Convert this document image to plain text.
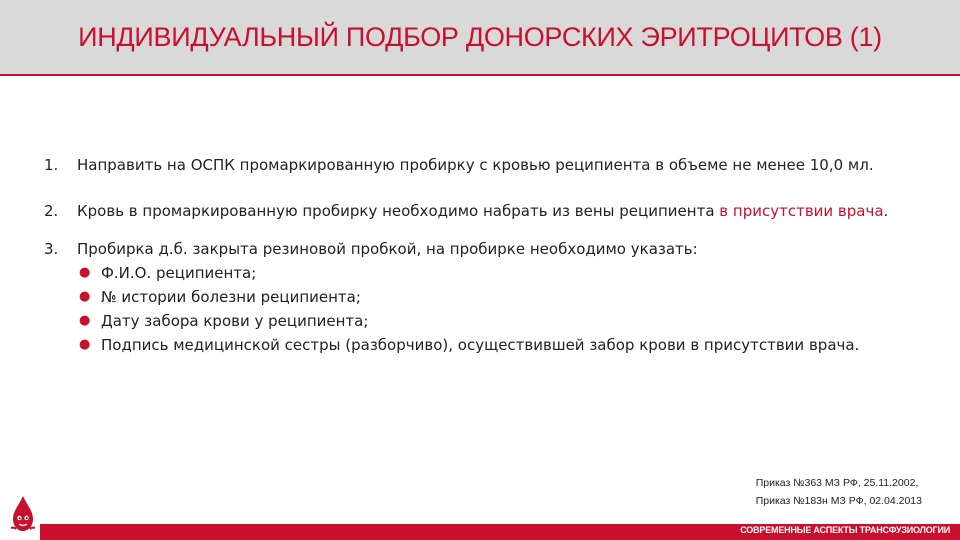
ИНДИВИДУАЛЬНЫЙ ПОДБОР ДОНОРСКИХ ЭРИТРОЦИТОВ (1)
1.	Направить на ОСПК промаркированную пробирку с кровью реципиента в объеме не менее 10,0 мл.
2.	Кровь в промаркированную пробирку необходимо набрать из вены реципиента в присутствии врача.
3.	Пробирка д.б. закрыта резиновой пробкой, на пробирке необходимо указать:
● Ф.И.О. реципиента;
● № истории болезни реципиента;
● Дату забора крови у реципиента;
● Подпись медицинской сестры (разборчиво), осуществившей забор крови в присутствии врача.
Приказ №363 МЗ РФ, 25.11.2002,
Приказ №183н МЗ РФ, 02.04.2013
СОВРЕМЕННЫЕ АСПЕКТЫ ТРАНСФУЗИОЛОГИИ
